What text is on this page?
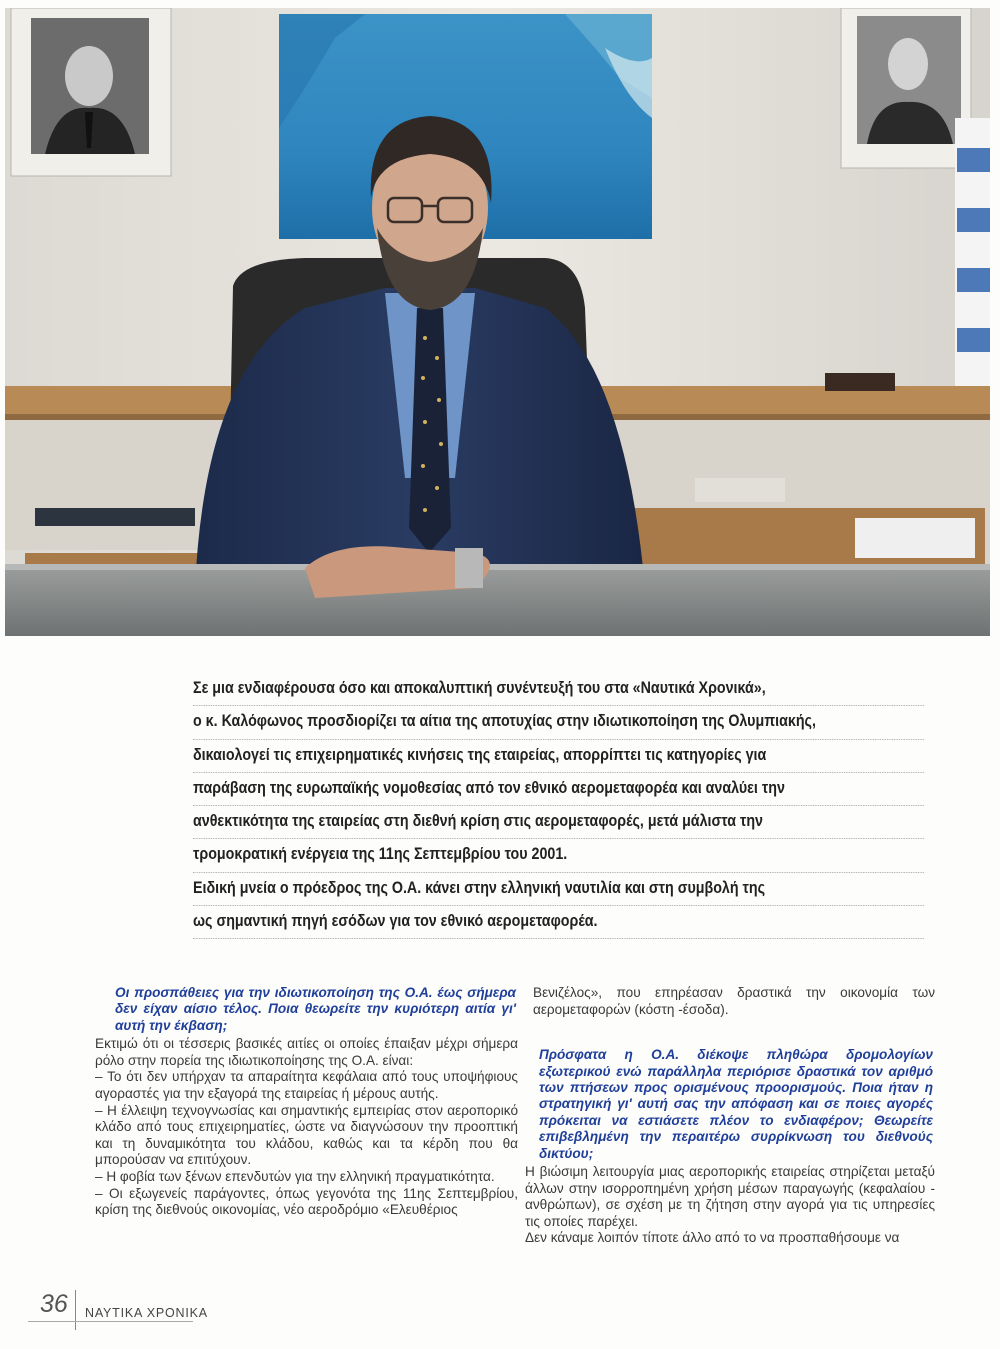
Σε μια ενδιαφέρουσα όσο και αποκαλυπτική συνέντευξή του στα «Ναυτικά Χρονικά»,
ο κ. Καλόφωνος προσδιορίζει τα αίτια της αποτυχίας στην ιδιωτικοποίηση της Ολυμπιακής,
δικαιολογεί τις επιχειρηματικές κινήσεις της εταιρείας, απορρίπτει τις κατηγορίες για
παράβαση της ευρωπαϊκής νομοθεσίας από τον εθνικό αερομεταφορέα και αναλύει την
ανθεκτικότητα της εταιρείας στη διεθνή κρίση στις αερομεταφορές, μετά μάλιστα την
τρομοκρατική ενέργεια της 11ης Σεπτεμβρίου του 2001.
Ειδική μνεία ο πρόεδρος της Ο.Α. κάνει στην ελληνική ναυτιλία και στη συμβολή της
ως σημαντική πηγή εσόδων για τον εθνικό αερομεταφορέα.
Οι προσπάθειες για την ιδιωτικοποίηση της Ο.Α. έως σήμερα δεν είχαν αίσιο τέλος. Ποια θεωρείτε την κυριότερη αιτία γι' αυτή την έκβαση;

Εκτιμώ ότι οι τέσσερις βασικές αιτίες οι οποίες έπαιξαν μέχρι σήμερα ρόλο στην πορεία της ιδιωτικοποίησης της Ο.Α. είναι:

– Το ότι δεν υπήρχαν τα απαραίτητα κεφάλαια από τους υποψήφιους αγοραστές για την εξαγορά της εταιρείας ή μέρους αυτής.

– Η έλλειψη τεχνογνωσίας και σημαντικής εμπειρίας στον αεροπορικό κλάδο από τους επιχειρηματίες, ώστε να διαγνώσουν την προοπτική και τη δυναμικότητα του κλάδου, καθώς και τα κέρδη που θα μπορούσαν να επιτύχουν.

– Η φοβία των ξένων επενδυτών για την ελληνική πραγματικότητα.

– Οι εξωγενείς παράγοντες, όπως γεγονότα της 11ης Σεπτεμβρίου, κρίση της διεθνούς οικονομίας, νέο αεροδρόμιο «Ελευθέριος

Βενιζέλος», που επηρέασαν δραστικά την οικονομία των αερομεταφορών (κόστη -έσοδα).

Πρόσφατα η Ο.Α. διέκοψε πληθώρα δρομολογίων εξωτερικού ενώ παράλληλα περιόρισε δραστικά τον αριθμό των πτήσεων προς ορισμένους προορισμούς. Ποια ήταν η στρατηγική γι' αυτή σας την απόφαση και σε ποιες αγορές πρόκειται να εστιάσετε πλέον το ενδιαφέρον; Θεωρείτε επιβεβλημένη την περαιτέρω συρρίκνωση του διεθνούς δικτύου;

Η βιώσιμη λειτουργία μιας αεροπορικής εταιρείας στηρίζεται μεταξύ άλλων στην ισορροπημένη χρήση μέσων παραγωγής (κεφαλαίου - ανθρώπων), σε σχέση με τη ζήτηση στην αγορά για τις υπηρεσίες τις οποίες παρέχει.

Δεν κάναμε λοιπόν τίποτε άλλο από το να προσπαθήσουμε να

36 ΝΑΥΤΙΚΑ ΧΡΟΝΙΚΑ
